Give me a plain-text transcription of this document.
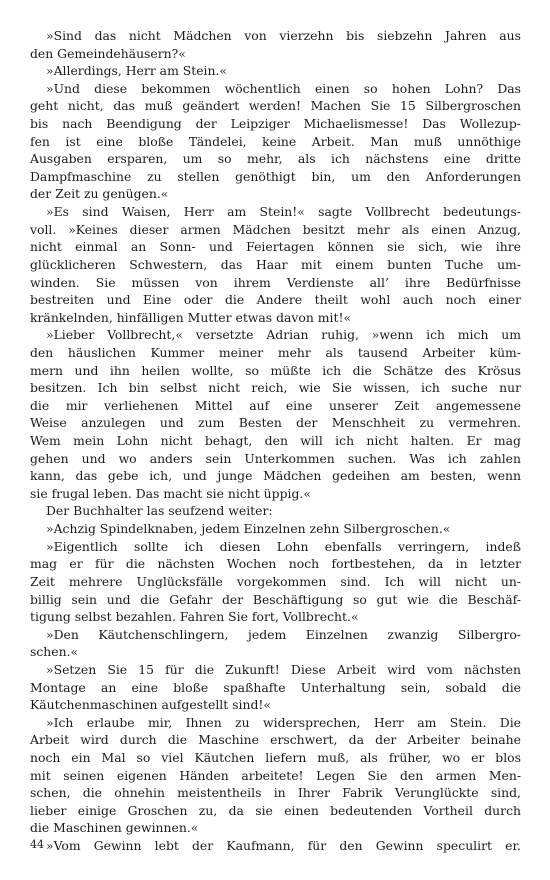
»Sind das nicht Mädchen von vierzehn bis siebzehn Jahren aus
den Gemeindehäusern?«
»Allerdings, Herr am Stein.«
»Und diese bekommen wöchentlich einen so hohen Lohn? Das
geht nicht, das muß geändert werden! Machen Sie 15 Silbergroschen
bis nach Beendigung der Leipziger Michaelismesse! Das Wollezup-
fen ist eine bloße Tändelei, keine Arbeit. Man muß unnöthige
Ausgaben ersparen, um so mehr, als ich nächstens eine dritte
Dampfmaschine zu stellen genöthigt bin, um den Anforderungen
der Zeit zu genügen.«
»Es sind Waisen, Herr am Stein!« sagte Vollbrecht bedeutungs-
voll. »Keines dieser armen Mädchen besitzt mehr als einen Anzug,
nicht einmal an Sonn- und Feiertagen können sie sich, wie ihre
glücklicheren Schwestern, das Haar mit einem bunten Tuche um-
winden. Sie müssen von ihrem Verdienste all’ ihre Bedürfnisse
bestreiten und Eine oder die Andere theilt wohl auch noch einer
kränkelnden, hinfälligen Mutter etwas davon mit!«
»Lieber Vollbrecht,« versetzte Adrian ruhig, »wenn ich mich um
den häuslichen Kummer meiner mehr als tausend Arbeiter küm-
mern und ihn heilen wollte, so müßte ich die Schätze des Krösus
besitzen. Ich bin selbst nicht reich, wie Sie wissen, ich suche nur
die mir verliehenen Mittel auf eine unserer Zeit angemessene
Weise anzulegen und zum Besten der Menschheit zu vermehren.
Wem mein Lohn nicht behagt, den will ich nicht halten. Er mag
gehen und wo anders sein Unterkommen suchen. Was ich zahlen
kann, das gebe ich, und junge Mädchen gedeihen am besten, wenn
sie frugal leben. Das macht sie nicht üppig.«
Der Buchhalter las seufzend weiter:
»Achzig Spindelknaben, jedem Einzelnen zehn Silbergroschen.«
»Eigentlich sollte ich diesen Lohn ebenfalls verringern, indeß
mag er für die nächsten Wochen noch fortbestehen, da in letzter
Zeit mehrere Unglücksfälle vorgekommen sind. Ich will nicht un-
billig sein und die Gefahr der Beschäftigung so gut wie die Beschäf-
tigung selbst bezahlen. Fahren Sie fort, Vollbrecht.«
»Den Käutchenschlingern, jedem Einzelnen zwanzig Silbergro-
schen.«
»Setzen Sie 15 für die Zukunft! Diese Arbeit wird vom nächsten
Montage an eine bloße spaßhafte Unterhaltung sein, sobald die
Käutchenmaschinen aufgestellt sind!«
»Ich erlaube mir, Ihnen zu widersprechen, Herr am Stein. Die
Arbeit wird durch die Maschine erschwert, da der Arbeiter beinahe
noch ein Mal so viel Käutchen liefern muß, als früher, wo er blos
mit seinen eigenen Händen arbeitete! Legen Sie den armen Men-
schen, die ohnehin meistentheils in Ihrer Fabrik Verunglückte sind,
lieber einige Groschen zu, da sie einen bedeutenden Vortheil durch
die Maschinen gewinnen.«
»Vom Gewinn lebt der Kaufmann, für den Gewinn speculirt er.
44
